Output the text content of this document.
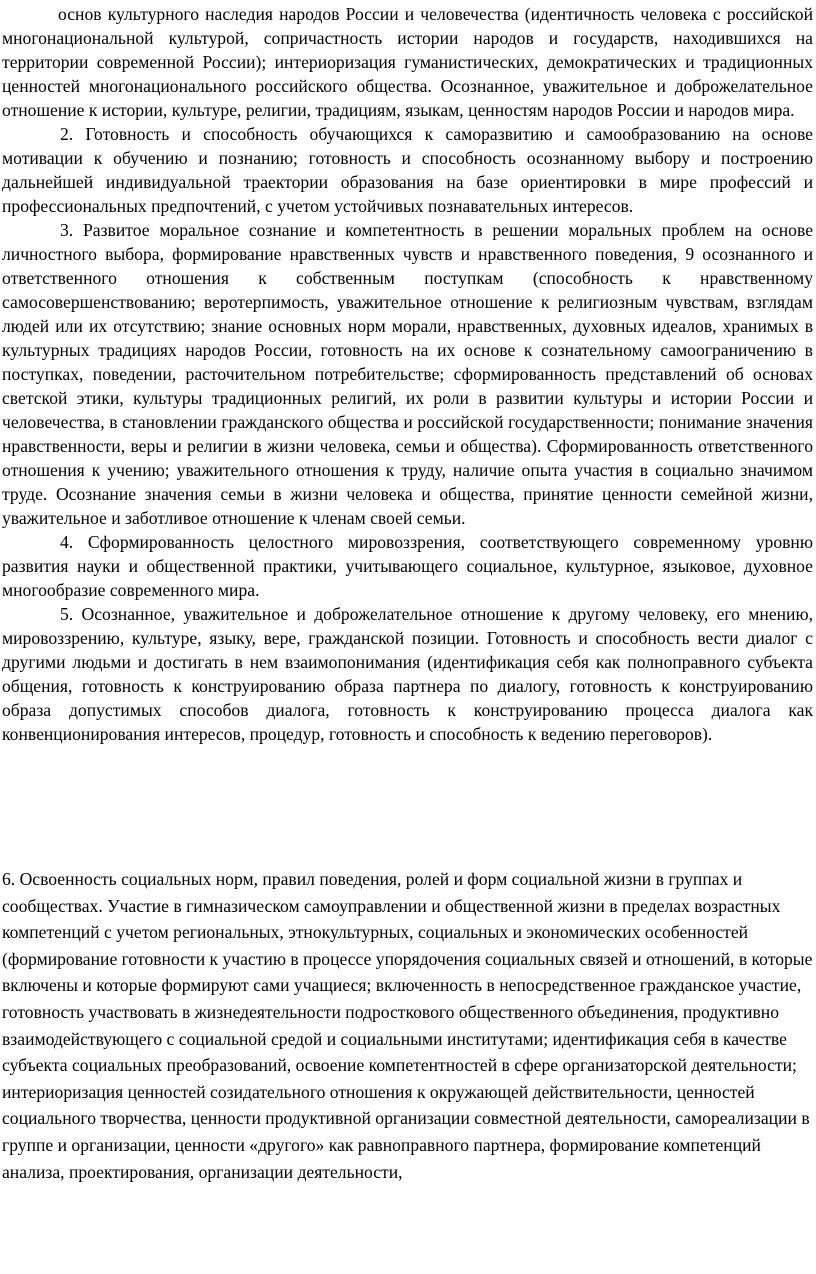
основ культурного наследия народов России и человечества (идентичность человека с российской многонациональной культурой, сопричастность истории народов и государств, находившихся на территории современной России); интериоризация гуманистических, демократических и традиционных ценностей многонационального российского общества. Осознанное, уважительное и доброжелательное отношение к истории, культуре, религии, традициям, языкам, ценностям народов России и народов мира.

2. Готовность и способность обучающихся к саморазвитию и самообразованию на основе мотивации к обучению и познанию; готовность и способность осознанному выбору и построению дальнейшей индивидуальной траектории образования на базе ориентировки в мире профессий и профессиональных предпочтений, с учетом устойчивых познавательных интересов.

3. Развитое моральное сознание и компетентность в решении моральных проблем на основе личностного выбора, формирование нравственных чувств и нравственного поведения, 9 осознанного и ответственного отношения к собственным поступкам (способность к нравственному самосовершенствованию; веротерпимость, уважительное отношение к религиозным чувствам, взглядам людей или их отсутствию; знание основных норм морали, нравственных, духовных идеалов, хранимых в культурных традициях народов России, готовность на их основе к сознательному самоограничению в поступках, поведении, расточительном потребительстве; сформированность представлений об основах светской этики, культуры традиционных религий, их роли в развитии культуры и истории России и человечества, в становлении гражданского общества и российской государственности; понимание значения нравственности, веры и религии в жизни человека, семьи и общества). Сформированность ответственного отношения к учению; уважительного отношения к труду, наличие опыта участия в социально значимом труде. Осознание значения семьи в жизни человека и общества, принятие ценности семейной жизни, уважительное и заботливое отношение к членам своей семьи.

4. Сформированность целостного мировоззрения, соответствующего современному уровню развития науки и общественной практики, учитывающего социальное, культурное, языковое, духовное многообразие современного мира.

5. Осознанное, уважительное и доброжелательное отношение к другому человеку, его мнению, мировоззрению, культуре, языку, вере, гражданской позиции. Готовность и способность вести диалог с другими людьми и достигать в нем взаимопонимания (идентификация себя как полноправного субъекта общения, готовность к конструированию образа партнера по диалогу, готовность к конструированию образа допустимых способов диалога, готовность к конструированию процесса диалога как конвенционирования интересов, процедур, готовность и способность к ведению переговоров).

6. Освоенность социальных норм, правил поведения, ролей и форм социальной жизни в группах и сообществах. Участие в гимназическом самоуправлении и общественной жизни в пределах возрастных компетенций с учетом региональных, этнокультурных, социальных и экономических особенностей (формирование готовности к участию в процессе упорядочения социальных связей и отношений, в которые включены и которые формируют сами учащиеся; включенность в непосредственное гражданское участие, готовность участвовать в жизнедеятельности подросткового общественного объединения, продуктивно взаимодействующего с социальной средой и социальными институтами; идентификация себя в качестве субъекта социальных преобразований, освоение компетентностей в сфере организаторской деятельности; интериоризация ценностей созидательного отношения к окружающей действительности, ценностей социального творчества, ценности продуктивной организации совместной деятельности, самореализации в группе и организации, ценности «другого» как равноправного партнера, формирование компетенций анализа, проектирования, организации деятельности,
